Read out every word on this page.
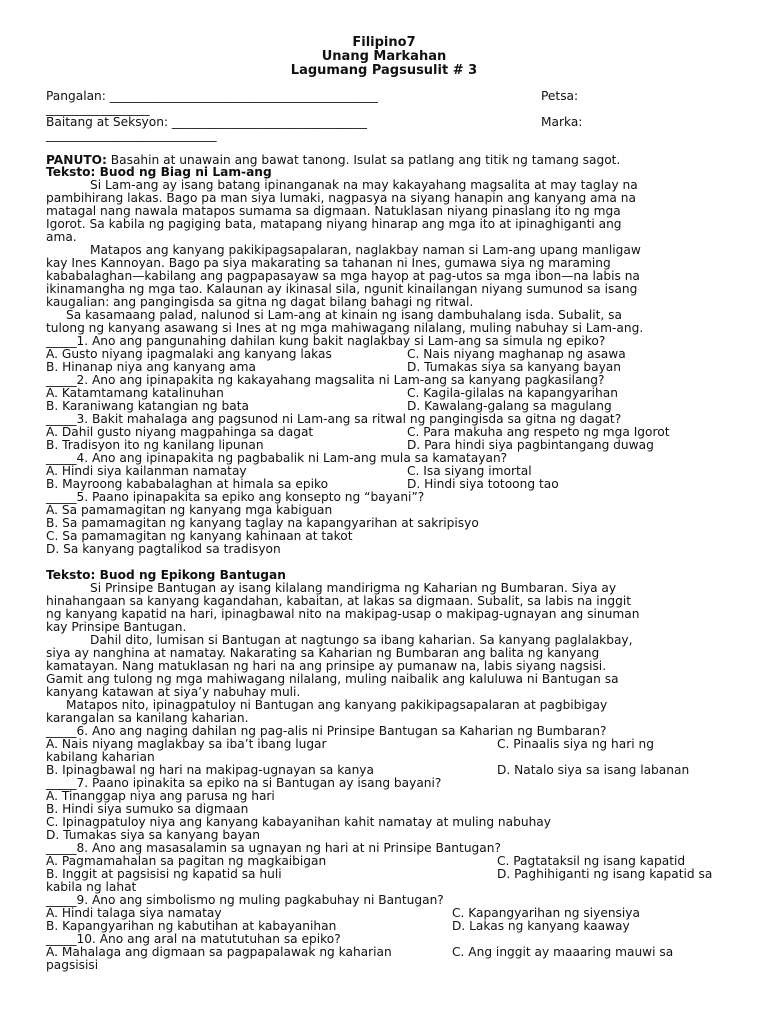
Filipino7
Unang Markahan
Lagumang Pagsusulit # 3
Pangalan: ____________________________________________	Petsa:
_________________
Baitang at Seksyon: ________________________________	Marka:
____________________________
PANUTO: Basahin at unawain ang bawat tanong. Isulat sa patlang ang titik ng tamang sagot.
Teksto: Buod ng Biag ni Lam-ang
Si Lam-ang ay isang batang ipinanganak na may kakayahang magsalita at may taglay na
pambihirang lakas. Bago pa man siya lumaki, nagpasya na siyang hanapin ang kanyang ama na
matagal nang nawala matapos sumama sa digmaan. Natuklasan niyang pinaslang ito ng mga
Igorot. Sa kabila ng pagiging bata, matapang niyang hinarap ang mga ito at ipinaghiganti ang
ama.
Matapos ang kanyang pakikipagsapalaran, naglakbay naman si Lam-ang upang manligaw
kay Ines Kannoyan. Bago pa siya makarating sa tahanan ni Ines, gumawa siya ng maraming
kababalaghan—kabilang ang pagpapasayaw sa mga hayop at pag-utos sa mga ibon—na labis na
ikinamangha ng mga tao. Kalaunan ay ikinasal sila, ngunit kinailangan niyang sumunod sa isang
kaugalian: ang pangingisda sa gitna ng dagat bilang bahagi ng ritwal.
Sa kasamaang palad, nalunod si Lam-ang at kinain ng isang dambuhalang isda. Subalit, sa
tulong ng kanyang asawang si Ines at ng mga mahiwagang nilalang, muling nabuhay si Lam-ang.
_____1. Ano ang pangunahing dahilan kung bakit naglakbay si Lam-ang sa simula ng epiko?
A. Gusto niyang ipagmalaki ang kanyang lakas	C. Nais niyang maghanap ng asawa
B. Hinanap niya ang kanyang ama	D. Tumakas siya sa kanyang bayan
_____2. Ano ang ipinapakita ng kakayahang magsalita ni Lam-ang sa kanyang pagkasilang?
A. Katamtamang katalinuhan	C. Kagila-gilalas na kapangyarihan
B. Karaniwang katangian ng bata	D. Kawalang-galang sa magulang
_____3. Bakit mahalaga ang pagsunod ni Lam-ang sa ritwal ng pangingisda sa gitna ng dagat?
A. Dahil gusto niyang magpahinga sa dagat	C. Para makuha ang respeto ng mga Igorot
B. Tradisyon ito ng kanilang lipunan	D. Para hindi siya pagbintangang duwag
_____4. Ano ang ipinapakita ng pagbabalik ni Lam-ang mula sa kamatayan?
A. Hindi siya kailanman namatay	C. Isa siyang imortal
B. Mayroong kababalaghan at himala sa epiko	D. Hindi siya totoong tao
_____5. Paano ipinapakita sa epiko ang konsepto ng “bayani”?
A. Sa pamamagitan ng kanyang mga kabiguan
B. Sa pamamagitan ng kanyang taglay na kapangyarihan at sakripisyo
C. Sa pamamagitan ng kanyang kahinaan at takot
D. Sa kanyang pagtalikod sa tradisyon
Teksto: Buod ng Epikong Bantugan
Si Prinsipe Bantugan ay isang kilalang mandirigma ng Kaharian ng Bumbaran. Siya ay
hinahangaan sa kanyang kagandahan, kabaitan, at lakas sa digmaan. Subalit, sa labis na inggit
ng kanyang kapatid na hari, ipinagbawal nito na makipag-usap o makipag-ugnayan ang sinuman
kay Prinsipe Bantugan.
Dahil dito, lumisan si Bantugan at nagtungo sa ibang kaharian. Sa kanyang paglalakbay,
siya ay nanghina at namatay. Nakarating sa Kaharian ng Bumbaran ang balita ng kanyang
kamatayan. Nang matuklasan ng hari na ang prinsipe ay pumanaw na, labis siyang nagsisi.
Gamit ang tulong ng mga mahiwagang nilalang, muling naibalik ang kaluluwa ni Bantugan sa
kanyang katawan at siya’y nabuhay muli.
Matapos nito, ipinagpatuloy ni Bantugan ang kanyang pakikipagsapalaran at pagbibigay
karangalan sa kanilang kaharian.
_____6. Ano ang naging dahilan ng pag-alis ni Prinsipe Bantugan sa Kaharian ng Bumbaran?
A. Nais niyang maglakbay sa iba’t ibang lugar	C. Pinaalis siya ng hari ng
kabilang kaharian
B. Ipinagbawal ng hari na makipag-ugnayan sa kanya	D. Natalo siya sa isang labanan
_____7. Paano ipinakita sa epiko na si Bantugan ay isang bayani?
A. Tinanggap niya ang parusa ng hari
B. Hindi siya sumuko sa digmaan
C. Ipinagpatuloy niya ang kanyang kabayanihan kahit namatay at muling nabuhay
D. Tumakas siya sa kanyang bayan
_____8. Ano ang masasalamin sa ugnayan ng hari at ni Prinsipe Bantugan?
A. Pagmamahalan sa pagitan ng magkaibigan	C. Pagtataksil ng isang kapatid
B. Inggit at pagsisisi ng kapatid sa huli	D. Paghihiganti ng isang kapatid sa
kabila ng lahat
_____9. Ano ang simbolismo ng muling pagkabuhay ni Bantugan?
A. Hindi talaga siya namatay	C. Kapangyarihan ng siyensiya
B. Kapangyarihan ng kabutihan at kabayanihan	D. Lakas ng kanyang kaaway
_____10. Ano ang aral na matututuhan sa epiko?
A. Mahalaga ang digmaan sa pagpapalawak ng kaharian	C. Ang inggit ay maaaring mauwi sa
pagsisisi
